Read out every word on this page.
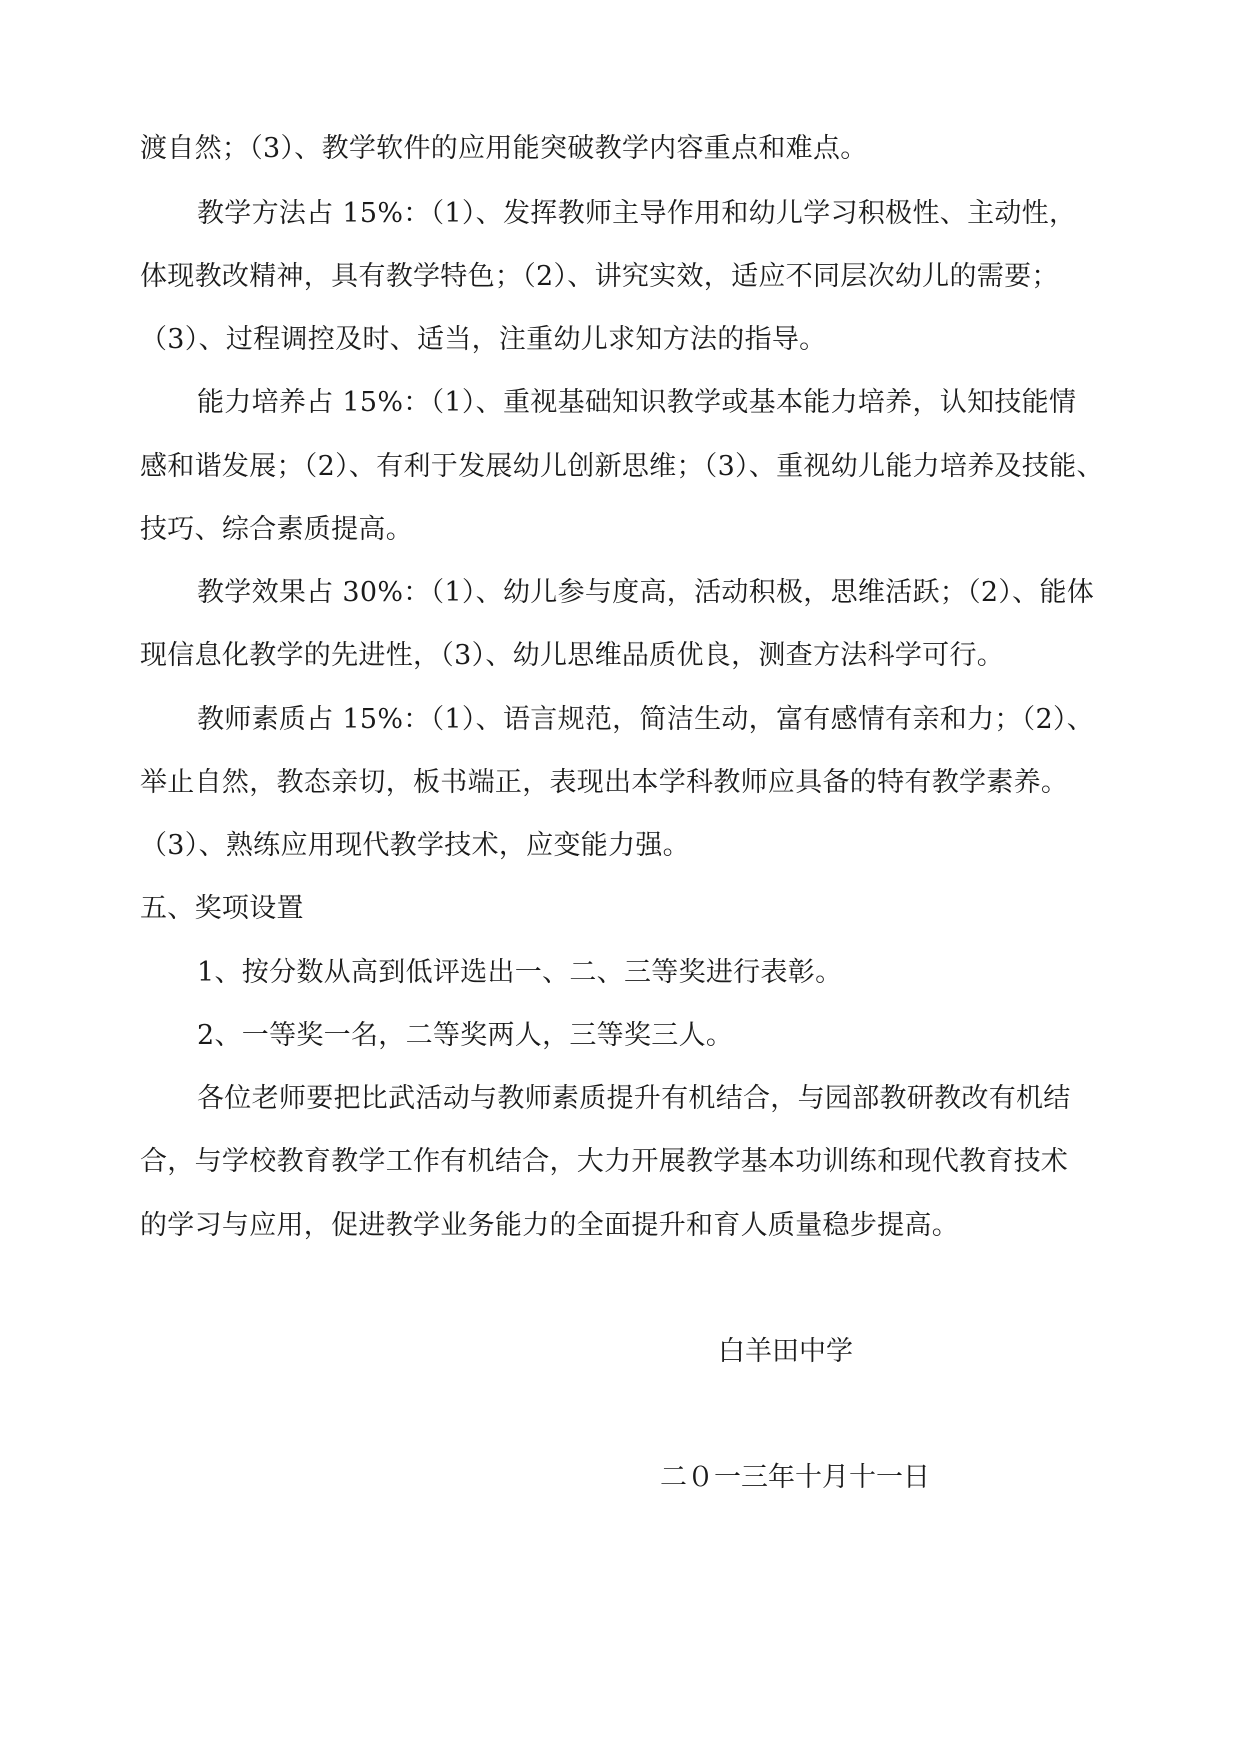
渡自然；（3）、教学软件的应用能突破教学内容重点和难点。
教学方法占 15%：（1）、发挥教师主导作用和幼儿学习积极性、主动性，
体现教改精神，具有教学特色；（2）、讲究实效，适应不同层次幼儿的需要；
（3）、过程调控及时、适当，注重幼儿求知方法的指导。
能力培养占 15%：（1）、重视基础知识教学或基本能力培养，认知技能情
感和谐发展；（2）、有利于发展幼儿创新思维；（3）、重视幼儿能力培养及技能、
技巧、综合素质提高。
教学效果占 30%：（1）、幼儿参与度高，活动积极，思维活跃；（2）、能体
现信息化教学的先进性，（3）、幼儿思维品质优良，测查方法科学可行。
教师素质占 15%：（1）、语言规范，简洁生动，富有感情有亲和力；（2）、
举止自然，教态亲切，板书端正，表现出本学科教师应具备的特有教学素养。
（3）、熟练应用现代教学技术，应变能力强。
五、奖项设置
1、按分数从高到低评选出一、二、三等奖进行表彰。
2、一等奖一名，二等奖两人，三等奖三人。
各位老师要把比武活动与教师素质提升有机结合，与园部教研教改有机结
合，与学校教育教学工作有机结合，大力开展教学基本功训练和现代教育技术
的学习与应用，促进教学业务能力的全面提升和育人质量稳步提高。
白羊田中学
二０一三年十月十一日
